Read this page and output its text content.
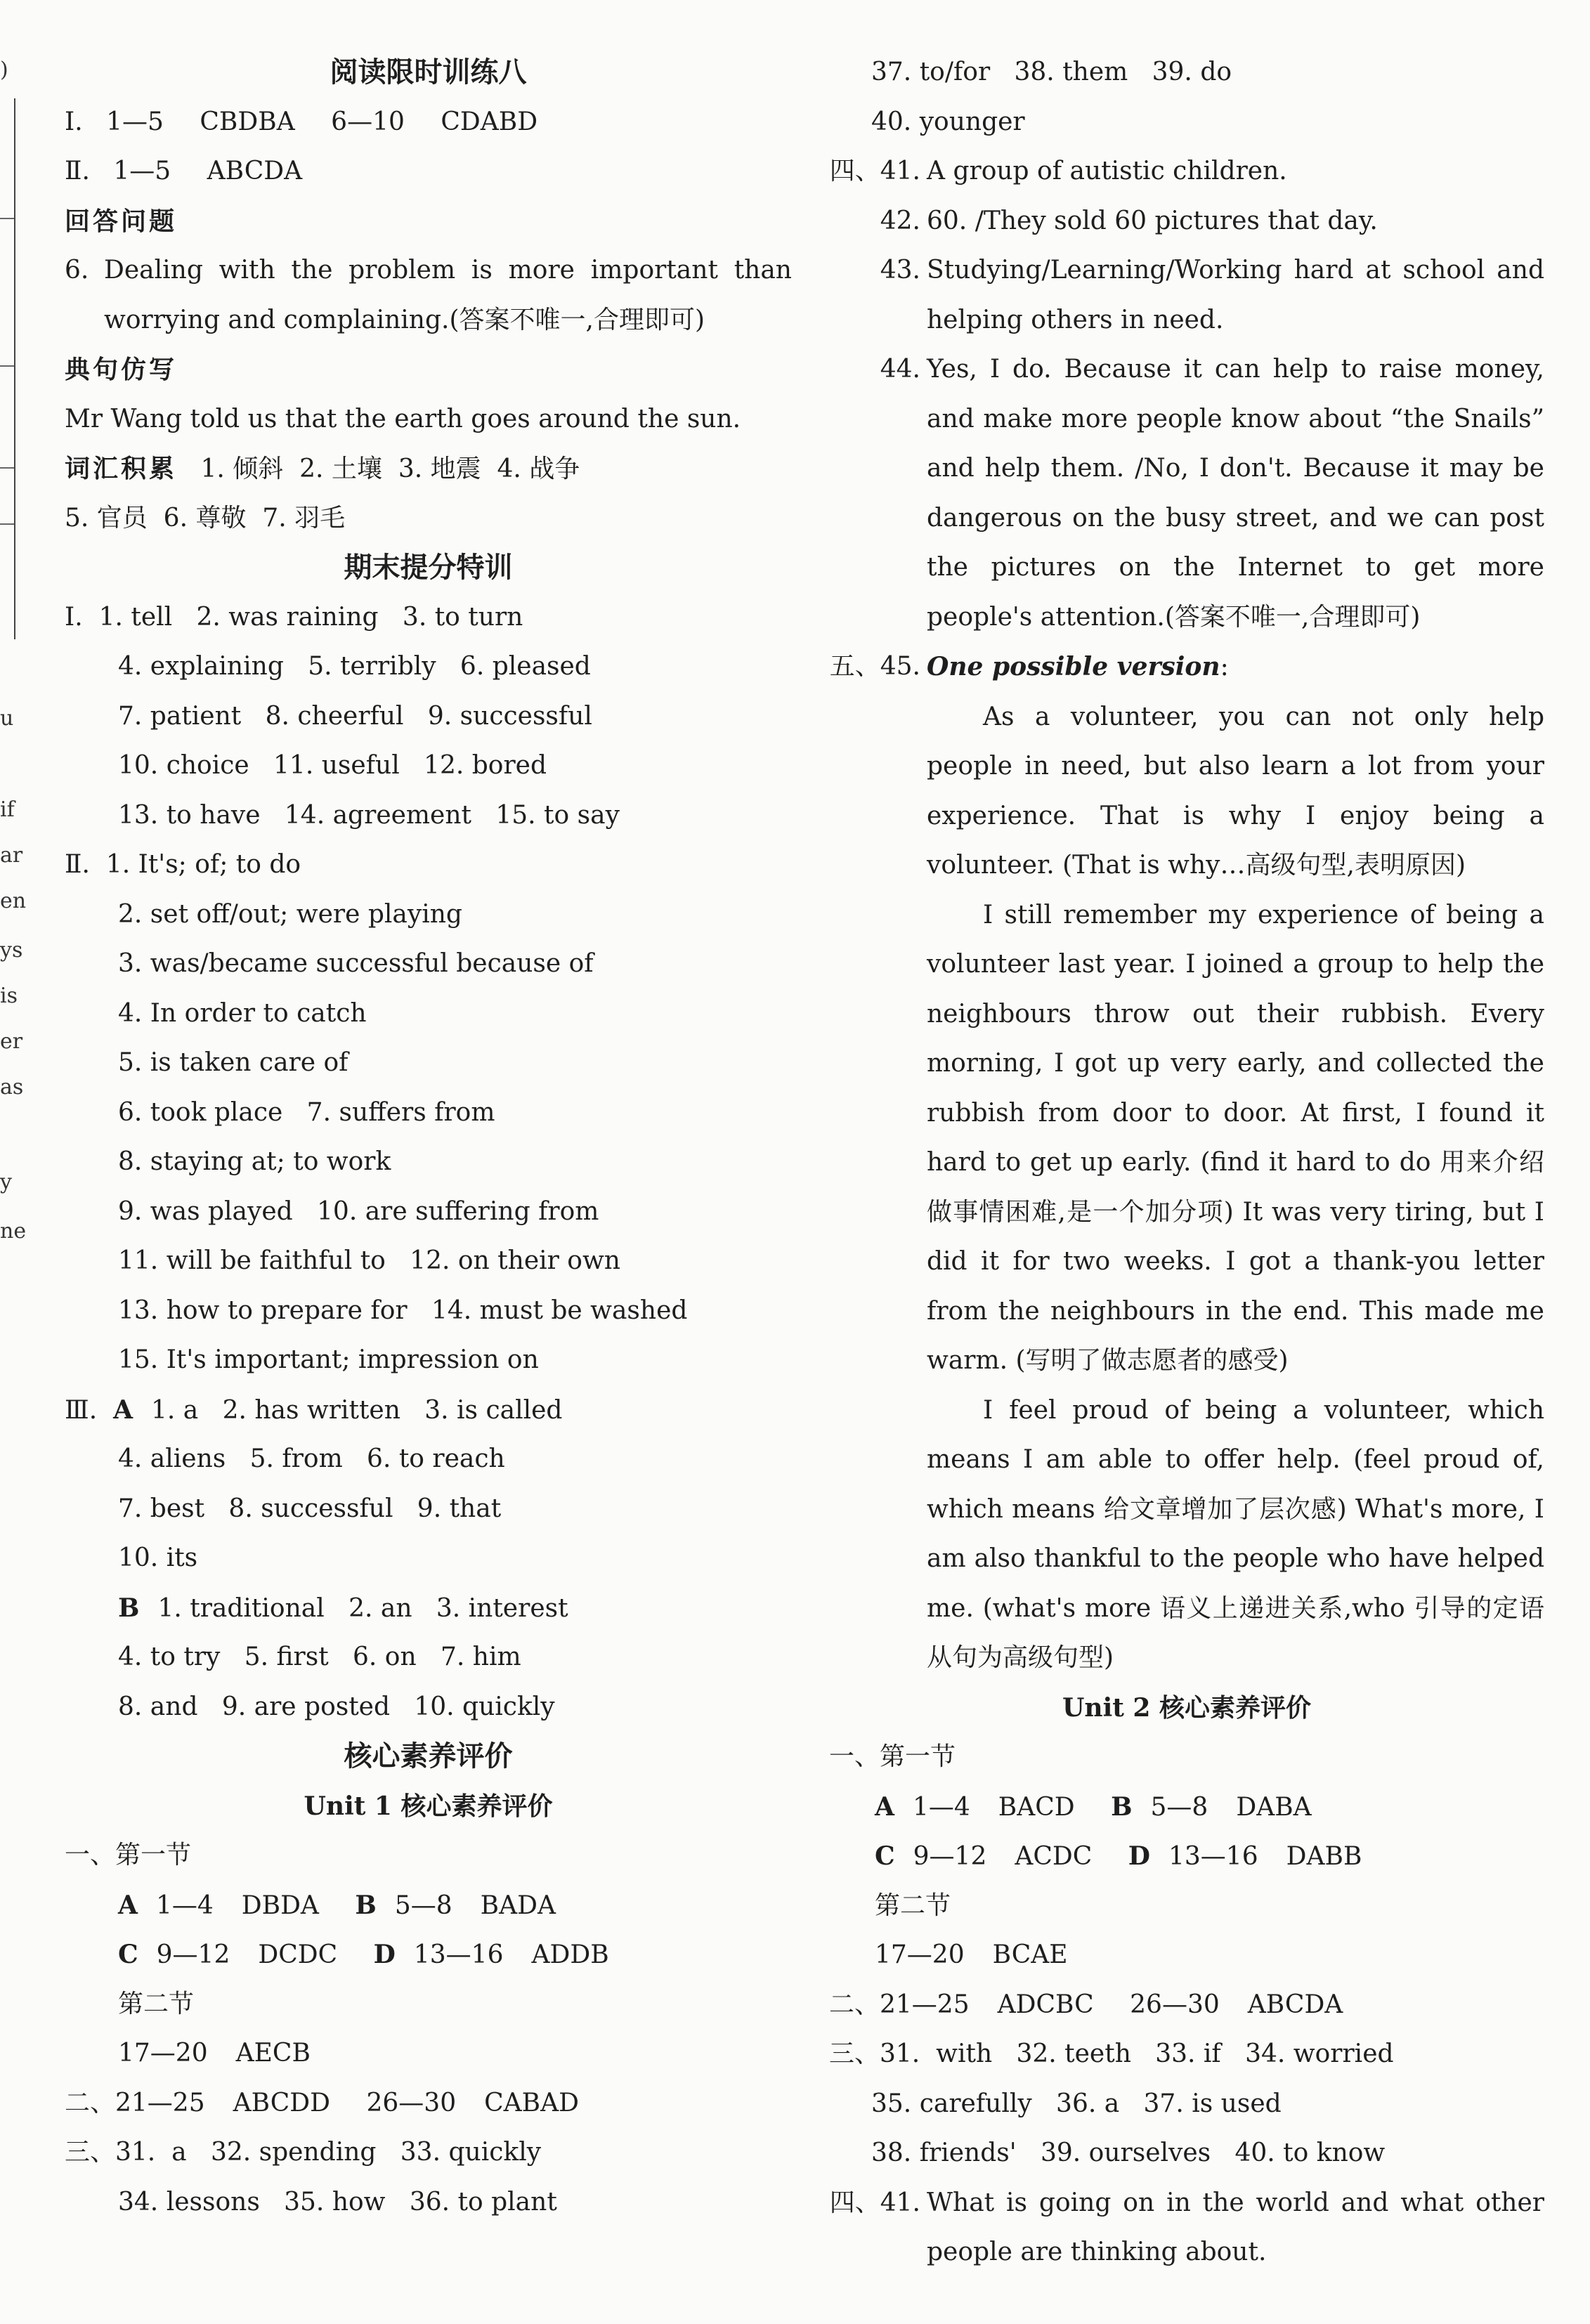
)
u
if
ar
en
ys
is
er
as
y
ne
阅读限时训练八
Ⅰ. 1—5 CBDBA 6—10 CDABD
Ⅱ. 1—5 ABCDA
回答问题
6. Dealing with the problem is more important than worrying and complaining.(答案不唯一,合理即可)
典句仿写
Mr Wang told us that the earth goes around the sun.
词汇积累 1. 倾斜  2. 土壤  3. 地震  4. 战争
5. 官员  6. 尊敬  7. 羽毛
期末提分特训
Ⅰ. 1. tell   2. was raining   3. to turn
4. explaining   5. terribly   6. pleased
7. patient   8. cheerful   9. successful
10. choice   11. useful   12. bored
13. to have   14. agreement   15. to say
Ⅱ. 1. It's; of; to do
2. set off/out; were playing
3. was/became successful because of
4. In order to catch
5. is taken care of
6. took place   7. suffers from
8. staying at; to work
9. was played   10. are suffering from
11. will be faithful to   12. on their own
13. how to prepare for   14. must be washed
15. It's important; impression on
Ⅲ. A 1. a   2. has written   3. is called
4. aliens   5. from   6. to reach
7. best   8. successful   9. that
10. its
B 1. traditional   2. an   3. interest
4. to try   5. first   6. on   7. him
8. and   9. are posted   10. quickly
核心素养评价
Unit 1 核心素养评价
一、第一节
A 1—4 DBDA B 5—8 BADA
C 9—12 DCDC D 13—16 ADDB
第二节
17—20 AECB
二、21—25 ABCDD 26—30 CABAD
三、31. a   32. spending   33. quickly
34. lessons   35. how   36. to plant
37. to/for   38. them   39. do
40. younger
四、41. A group of autistic children.
42. 60. /They sold 60 pictures that day.
43. Studying/Learning/Working hard at school and helping others in need.
44. Yes, I do. Because it can help to raise money, and make more people know about “the Snails” and help them. /No, I don't. Because it may be dangerous on the busy street, and we can post the pictures on the Internet to get more people's attention.(答案不唯一,合理即可)
五、45. One possible version:
As a volunteer, you can not only help people in need, but also learn a lot from your experience. That is why I enjoy being a volunteer. (That is why…高级句型,表明原因)
I still remember my experience of being a volunteer last year. I joined a group to help the neighbours throw out their rubbish. Every morning, I got up very early, and collected the rubbish from door to door. At first, I found it hard to get up early. (find it hard to do 用来介绍做事情困难,是一个加分项) It was very tiring, but I did it for two weeks. I got a thank-you letter from the neighbours in the end. This made me warm. (写明了做志愿者的感受)
I feel proud of being a volunteer, which means I am able to offer help. (feel proud of, which means 给文章增加了层次感) What's more, I am also thankful to the people who have helped me. (what's more 语义上递进关系,who 引导的定语从句为高级句型)
Unit 2 核心素养评价
一、第一节
A 1—4 BACD B 5—8 DABA
C 9—12 ACDC D 13—16 DABB
第二节
17—20 BCAE
二、21—25 ADCBC 26—30 ABCDA
三、31. with   32. teeth   33. if   34. worried
35. carefully   36. a   37. is used
38. friends'   39. ourselves   40. to know
四、41. What is going on in the world and what other people are thinking about.
